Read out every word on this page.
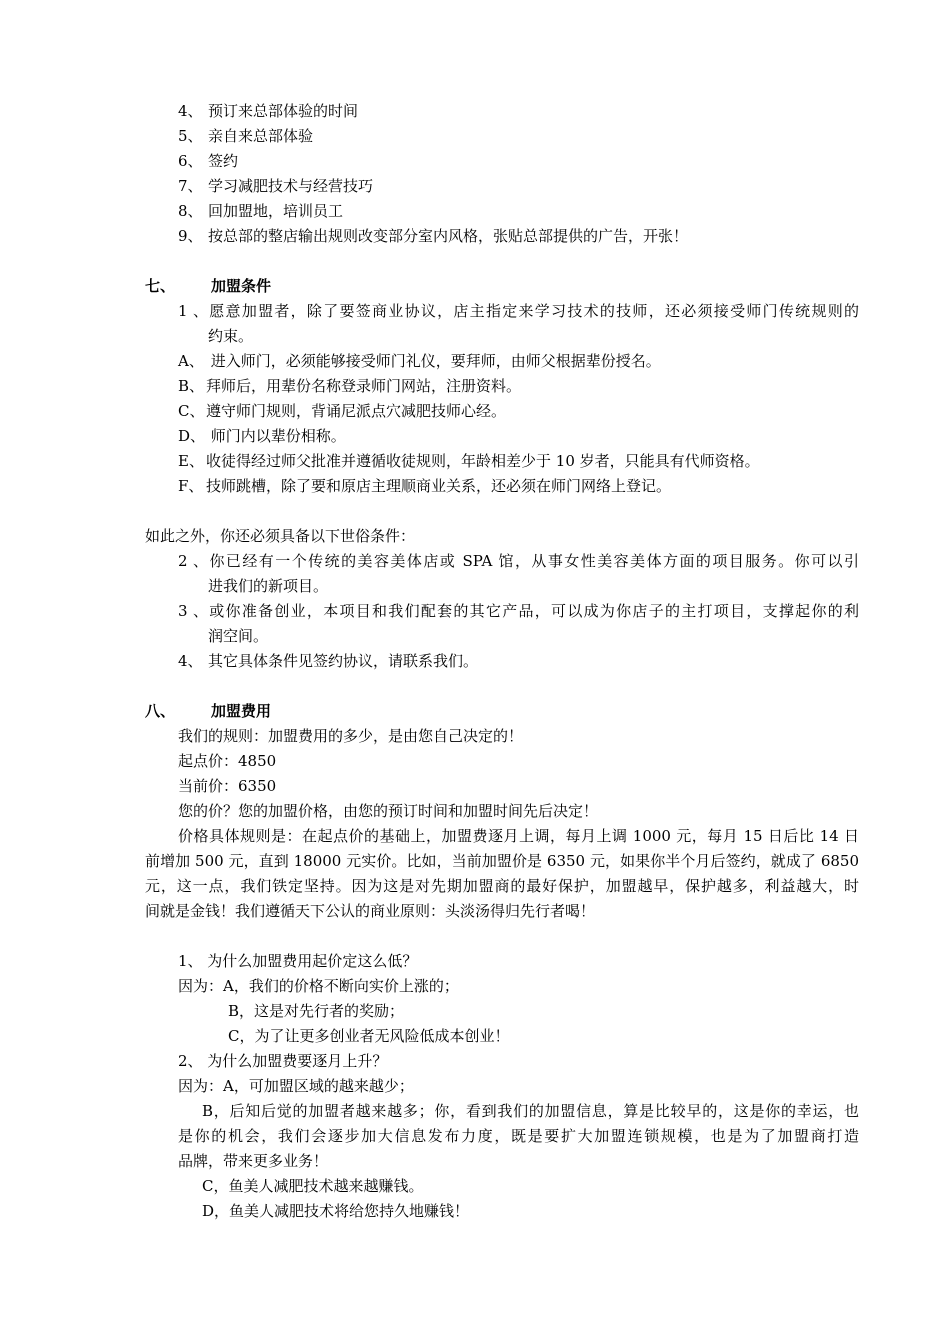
4、 预订来总部体验的时间
5、 亲自来总部体验
6、 签约
7、 学习减肥技术与经营技巧
8、 回加盟地，培训员工
9、 按总部的整店输出规则改变部分室内风格，张贴总部提供的广告，开张！
七、 加盟条件
1、愿意加盟者，除了要签商业协议，店主指定来学习技术的技师，还必须接受师门传统规则的
约束。
A、 进入师门，必须能够接受师门礼仪，要拜师，由师父根据辈份授名。
B、 拜师后，用辈份名称登录师门网站，注册资料。
C、 遵守师门规则，背诵尼派点穴减肥技师心经。
D、 师门内以辈份相称。
E、 收徒得经过师父批准并遵循收徒规则，年龄相差少于 10 岁者，只能具有代师资格。
F、 技师跳槽，除了要和原店主理顺商业关系，还必须在师门网络上登记。
如此之外，你还必须具备以下世俗条件：
2、你已经有一个传统的美容美体店或 SPA 馆，从事女性美容美体方面的项目服务。你可以引
进我们的新项目。
3、或你准备创业，本项目和我们配套的其它产品，可以成为你店子的主打项目，支撑起你的利
润空间。
4、 其它具体条件见签约协议，请联系我们。
八、 加盟费用
我们的规则：加盟费用的多少，是由您自己决定的！
起点价：4850
当前价：6350
您的价？您的加盟价格，由您的预订时间和加盟时间先后决定！
价格具体规则是：在起点价的基础上，加盟费逐月上调，每月上调 1000 元，每月 15 日后比 14 日
前增加 500 元，直到 18000 元实价。比如，当前加盟价是 6350 元，如果你半个月后签约，就成了 6850
元，这一点，我们铁定坚持。因为这是对先期加盟商的最好保护，加盟越早，保护越多，利益越大，时
间就是金钱！我们遵循天下公认的商业原则：头淡汤得归先行者喝！
1、 为什么加盟费用起价定这么低？
因为：A，我们的价格不断向实价上涨的；
B，这是对先行者的奖励；
C，为了让更多创业者无风险低成本创业！
2、 为什么加盟费要逐月上升？
因为：A，可加盟区域的越来越少；
B，后知后觉的加盟者越来越多；你，看到我们的加盟信息，算是比较早的，这是你的幸运，也
是你的机会，我们会逐步加大信息发布力度，既是要扩大加盟连锁规模，也是为了加盟商打造
品牌，带来更多业务！
C，鱼美人减肥技术越来越赚钱。
D，鱼美人减肥技术将给您持久地赚钱！
